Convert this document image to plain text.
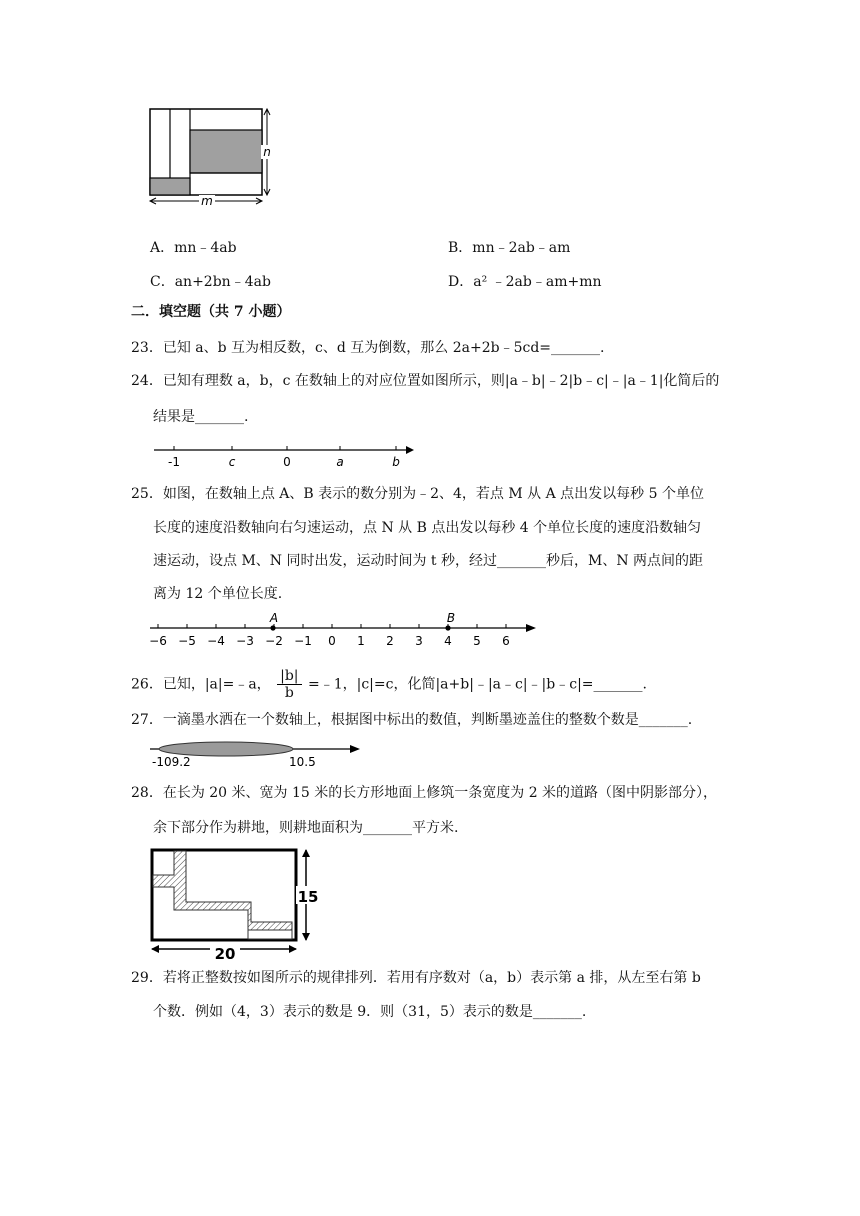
m
n
A．mn﹣4ab	B．mn﹣2ab﹣am
C．an+2bn﹣4ab	D．a² ﹣2ab﹣am+mn
二．填空题（共 7 小题）
23．已知 a、b 互为相反数，c、d 互为倒数，那么 2a+2b﹣5cd=_______.
24．已知有理数 a，b，c 在数轴上的对应位置如图所示，则|a﹣b|﹣2|b﹣c|﹣|a﹣1|化简后的
结果是_______.
-1	c	0	a	b
25．如图，在数轴上点 A、B 表示的数分别为﹣2、4，若点 M 从 A 点出发以每秒 5 个单位
长度的速度沿数轴向右匀速运动，点 N 从 B 点出发以每秒 4 个单位长度的速度沿数轴匀
速运动，设点 M、N 同时出发，运动时间为 t 秒，经过_______秒后，M、N 两点间的距
离为 12 个单位长度.
−6 −5 −4 −3 −2 −1 0 1 2 3 4 5 6
A	B
26．已知，|a|=﹣a， $\frac{|b|}{b}$ =﹣1，|c|=c，化简|a+b|﹣|a﹣c|﹣|b﹣c|=_______.
27．一滴墨水洒在一个数轴上，根据图中标出的数值，判断墨迹盖住的整数个数是_______.
-109.2	10.5
28．在长为 20 米、宽为 15 米的长方形地面上修筑一条宽度为 2 米的道路（图中阴影部分），
余下部分作为耕地，则耕地面积为_______平方米.
15
20
29．若将正整数按如图所示的规律排列．若用有序数对（a，b）表示第 a 排，从左至右第 b
个数．例如（4，3）表示的数是 9．则（31，5）表示的数是_______.
